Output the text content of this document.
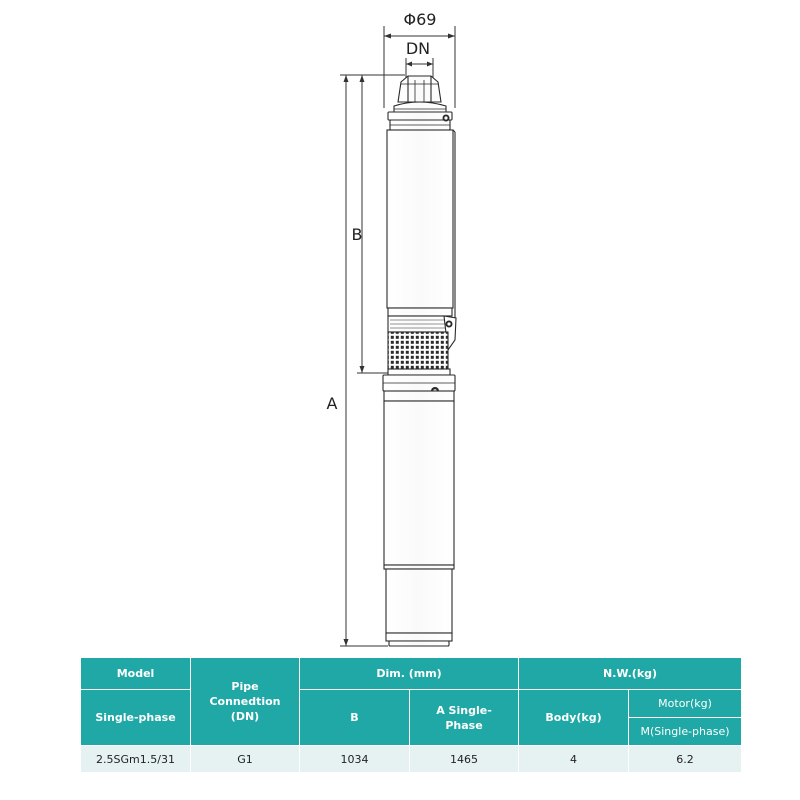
Φ69
DN
A
B
Model	Pipe Connedtion (DN)	Dim. (mm)		N.W.(kg)	
Single-phase		B	A Single-Phase	Body(kg)	Motor(kg)
					M(Single-phase)
2.5SGm1.5/31	G1	1034	1465	4	6.2
